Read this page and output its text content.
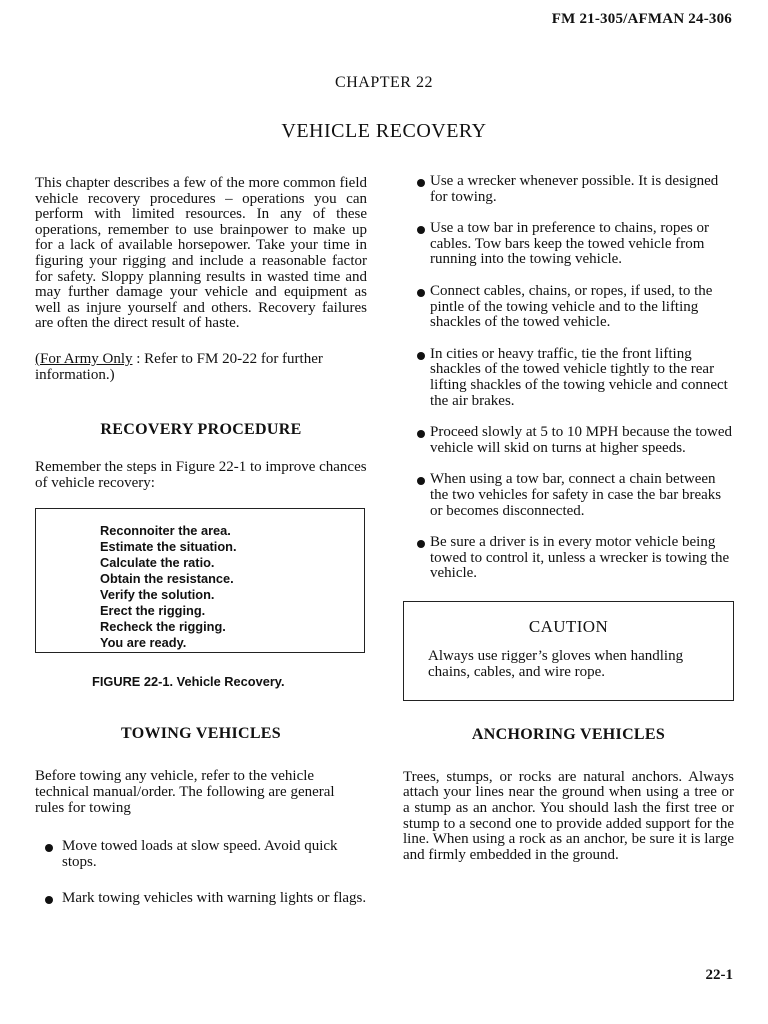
FM 21-305/AFMAN 24-306
CHAPTER 22
VEHICLE RECOVERY

This chapter describes a few of the more common field vehicle recovery procedures – operations you can perform with limited resources. In any of these operations, remember to use brainpower to make up for a lack of available horsepower. Take your time in figuring your rigging and include a reasonable factor for safety. Sloppy planning results in wasted time and may further damage your vehicle and equipment as well as injure yourself and others. Recovery failures are often the direct result of haste.

(For Army Only : Refer to FM 20-22 for further information.)

RECOVERY PROCEDURE

Remember the steps in Figure 22-1 to improve chances of vehicle recovery:

Reconnoiter the area.

Estimate the situation.

Calculate the ratio.

Obtain the resistance.

Verify the solution.

Erect the rigging.

Recheck the rigging.

You are ready.

FIGURE 22-1. Vehicle Recovery.
TOWING VEHICLES

Before towing any vehicle, refer to the vehicle technical manual/order. The following are general rules for towing

Move towed loads at slow speed. Avoid quick stops.
Mark towing vehicles with warning lights or flags.
Use a wrecker whenever possible. It is designed for towing.
Use a tow bar in preference to chains, ropes or cables. Tow bars keep the towed vehicle from running into the towing vehicle.
Connect cables, chains, or ropes, if used, to the pintle of the towing vehicle and to the lifting shackles of the towed vehicle.
In cities or heavy traffic, tie the front lifting shackles of the towed vehicle tightly to the rear lifting shackles of the towing vehicle and connect the air brakes.
Proceed slowly at 5 to 10 MPH because the towed vehicle will skid on turns at higher speeds.
When using a tow bar, connect a chain between the two vehicles for safety in case the bar breaks or becomes disconnected.
Be sure a driver is in every motor vehicle being towed to control it, unless a wrecker is towing the vehicle.

CAUTION

Always use rigger’s gloves when handling chains, cables, and wire rope.

ANCHORING VEHICLES

Trees, stumps, or rocks are natural anchors. Always attach your lines near the ground when using a tree or a stump as an anchor. You should lash the first tree or stump to a second one to provide added support for the line. When using a rock as an anchor, be sure it is large and firmly embedded in the ground.

22-1
